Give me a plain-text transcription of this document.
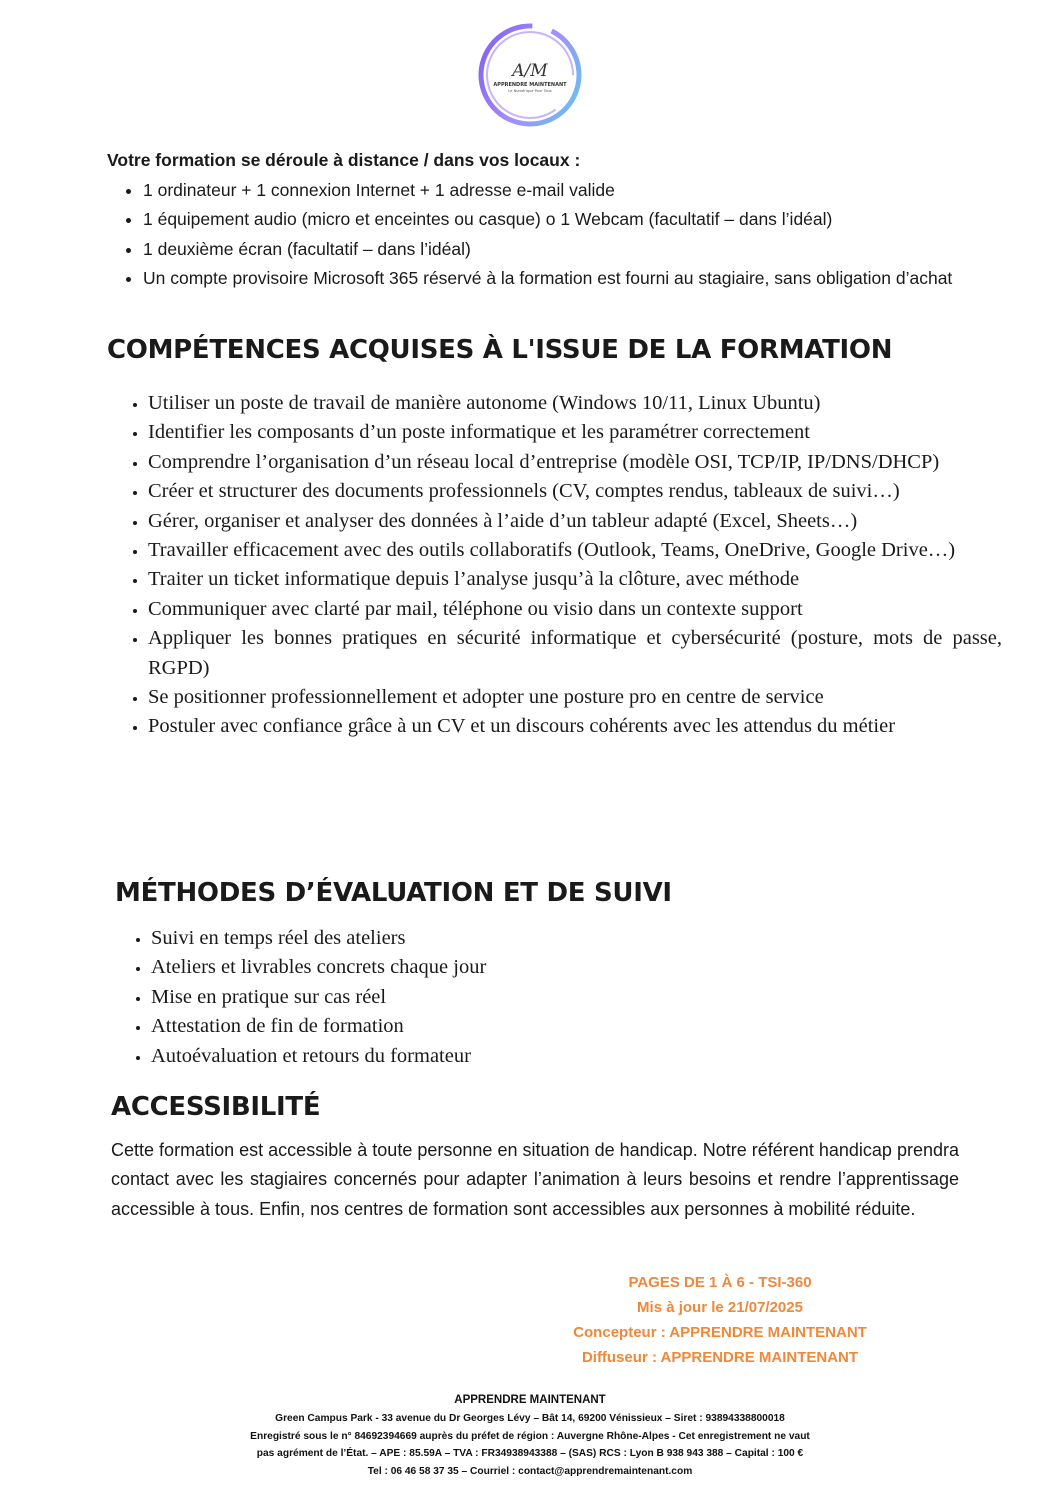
A/M
APPRENDRE MAINTENANT
Le Numérique Pour Tous

Votre formation se déroule à distance / dans vos locaux :

• 1 ordinateur + 1 connexion Internet + 1 adresse e-mail valide
• 1 équipement audio (micro et enceintes ou casque) o 1 Webcam (facultatif – dans l’idéal)
• 1 deuxième écran (facultatif – dans l’idéal)
• Un compte provisoire Microsoft 365 réservé à la formation est fourni au stagiaire, sans obligation d’achat
COMPÉTENCES ACQUISES À L'ISSUE DE LA FORMATION
• Utiliser un poste de travail de manière autonome (Windows 10/11, Linux Ubuntu)
• Identifier les composants d’un poste informatique et les paramétrer correctement
• Comprendre l’organisation d’un réseau local d’entreprise (modèle OSI, TCP/IP, IP/DNS/DHCP)
• Créer et structurer des documents professionnels (CV, comptes rendus, tableaux de suivi…)
• Gérer, organiser et analyser des données à l’aide d’un tableur adapté (Excel, Sheets…)
• Travailler efficacement avec des outils collaboratifs (Outlook, Teams, OneDrive, Google Drive…)
• Traiter un ticket informatique depuis l’analyse jusqu’à la clôture, avec méthode
• Communiquer avec clarté par mail, téléphone ou visio dans un contexte support
• Appliquer les bonnes pratiques en sécurité informatique et cybersécurité (posture, mots de passe, RGPD)
• Se positionner professionnellement et adopter une posture pro en centre de service
• Postuler avec confiance grâce à un CV et un discours cohérents avec les attendus du métier
MÉTHODES D’ÉVALUATION ET DE SUIVI
• Suivi en temps réel des ateliers
• Ateliers et livrables concrets chaque jour
• Mise en pratique sur cas réel
• Attestation de fin de formation
• Autoévaluation et retours du formateur
ACCESSIBILITÉ

Cette formation est accessible à toute personne en situation de handicap. Notre référent handicap prendra contact avec les stagiaires concernés pour adapter l’animation à leurs besoins et rendre l’apprentissage accessible à tous. Enfin, nos centres de formation sont accessibles aux personnes à mobilité réduite.

PAGES DE 1 À 6 - TSI-360
Mis à jour le 21/07/2025
Concepteur : APPRENDRE MAINTENANT
Diffuseur : APPRENDRE MAINTENANT
APPRENDRE MAINTENANT
Green Campus Park - 33 avenue du Dr Georges Lévy – Bât 14, 69200 Vénissieux – Siret : 93894338800018
Enregistré sous le n° 84692394669 auprès du préfet de région : Auvergne Rhône-Alpes - Cet enregistrement ne vaut
pas agrément de l’État. – APE : 85.59A – TVA : FR34938943388 – (SAS) RCS : Lyon B 938 943 388 – Capital : 100 €
Tel : 06 46 58 37 35 – Courriel : contact@apprendremaintenant.com
